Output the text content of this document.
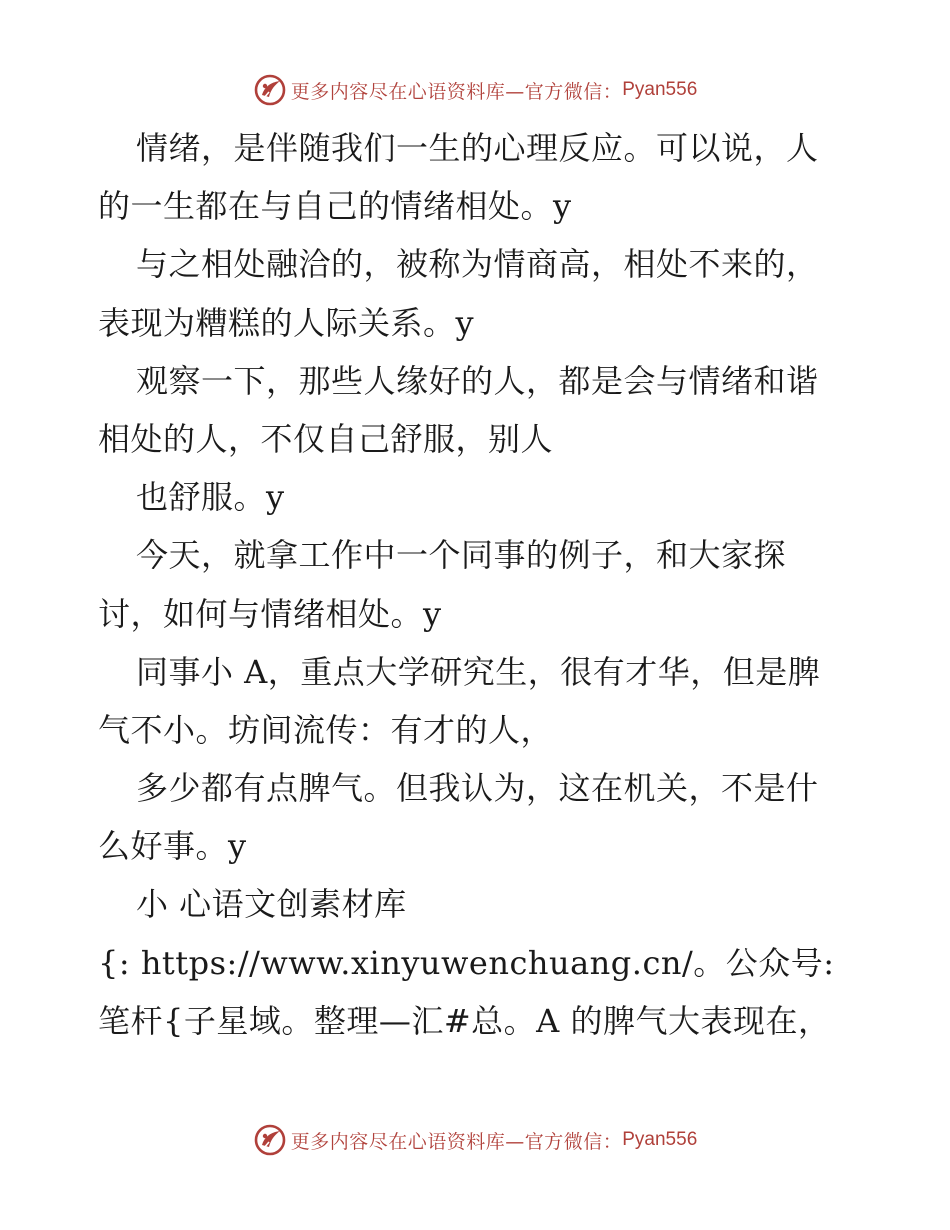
更多内容尽在心语资料库—官方微信： Pyan556
情绪，是伴随我们一生的心理反应。可以说，人
的一生都在与自己的情绪相处。y
与之相处融洽的，被称为情商高，相处不来的，
表现为糟糕的人际关系。y
观察一下，那些人缘好的人，都是会与情绪和谐
相处的人，不仅自己舒服，别人
也舒服。y
今天，就拿工作中一个同事的例子，和大家探
讨，如何与情绪相处。y
同事小 A，重点大学研究生，很有才华，但是脾
气不小。坊间流传：有才的人，
多少都有点脾气。但我认为，这在机关，不是什
么好事。y
小 心语文创素材库
{: https://www.xinyuwenchuang.cn/。公众号:
笔杆{子星域。整理—汇#总。A 的脾气大表现在，
更多内容尽在心语资料库—官方微信： Pyan556
